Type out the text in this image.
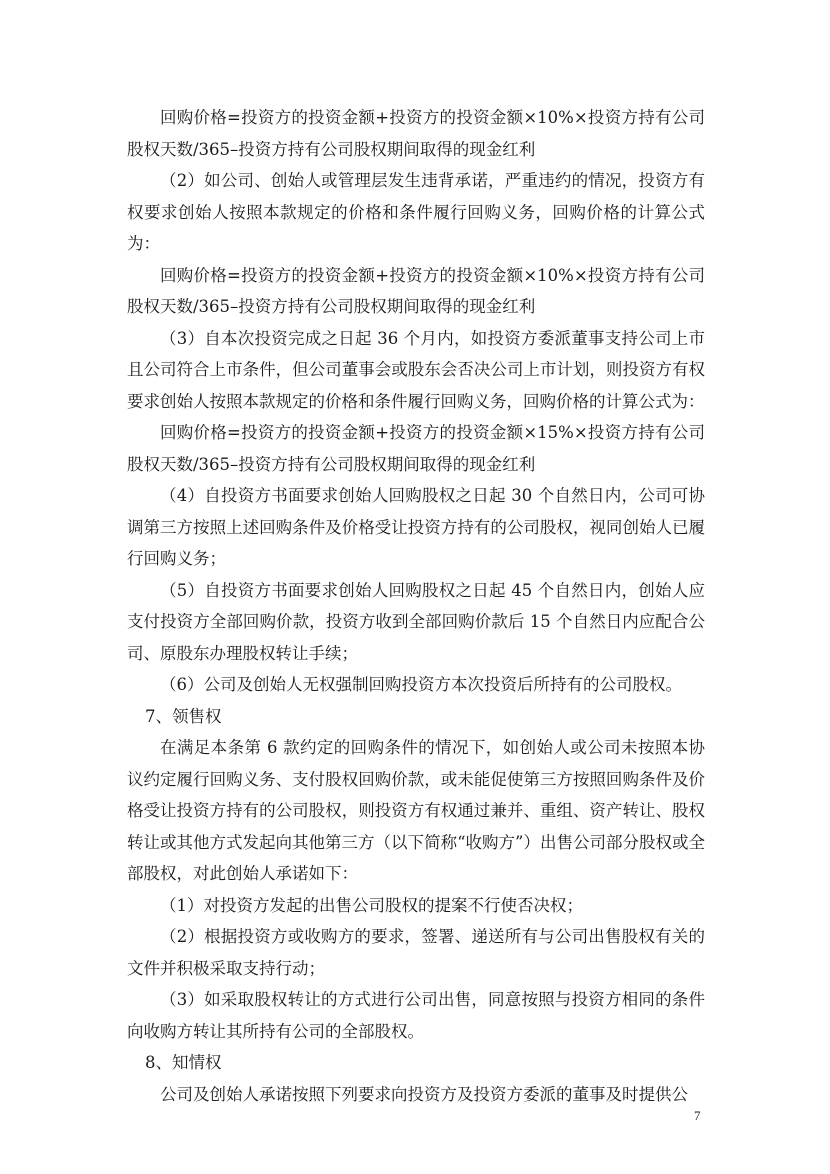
回购价格=投资方的投资金额+投资方的投资金额×10%×投资方持有公司股权天数/365–投资方持有公司股权期间取得的现金红利

（2）如公司、创始人或管理层发生违背承诺，严重违约的情况，投资方有权要求创始人按照本款规定的价格和条件履行回购义务，回购价格的计算公式为：

回购价格=投资方的投资金额+投资方的投资金额×10%×投资方持有公司股权天数/365–投资方持有公司股权期间取得的现金红利

（3）自本次投资完成之日起 36 个月内，如投资方委派董事支持公司上市且公司符合上市条件，但公司董事会或股东会否决公司上市计划，则投资方有权要求创始人按照本款规定的价格和条件履行回购义务，回购价格的计算公式为：

回购价格=投资方的投资金额+投资方的投资金额×15%×投资方持有公司股权天数/365–投资方持有公司股权期间取得的现金红利

（4）自投资方书面要求创始人回购股权之日起 30 个自然日内，公司可协调第三方按照上述回购条件及价格受让投资方持有的公司股权，视同创始人已履行回购义务；

（5）自投资方书面要求创始人回购股权之日起 45 个自然日内，创始人应支付投资方全部回购价款，投资方收到全部回购价款后 15 个自然日内应配合公司、原股东办理股权转让手续；

（6）公司及创始人无权强制回购投资方本次投资后所持有的公司股权。

7、领售权

在满足本条第 6 款约定的回购条件的情况下，如创始人或公司未按照本协议约定履行回购义务、支付股权回购价款，或未能促使第三方按照回购条件及价格受让投资方持有的公司股权，则投资方有权通过兼并、重组、资产转让、股权转让或其他方式发起向其他第三方（以下简称“收购方”）出售公司部分股权或全部股权，对此创始人承诺如下：

（1）对投资方发起的出售公司股权的提案不行使否决权；

（2）根据投资方或收购方的要求，签署、递送所有与公司出售股权有关的文件并积极采取支持行动；

（3）如采取股权转让的方式进行公司出售，同意按照与投资方相同的条件向收购方转让其所持有公司的全部股权。

8、知情权

公司及创始人承诺按照下列要求向投资方及投资方委派的董事及时提供公

7
